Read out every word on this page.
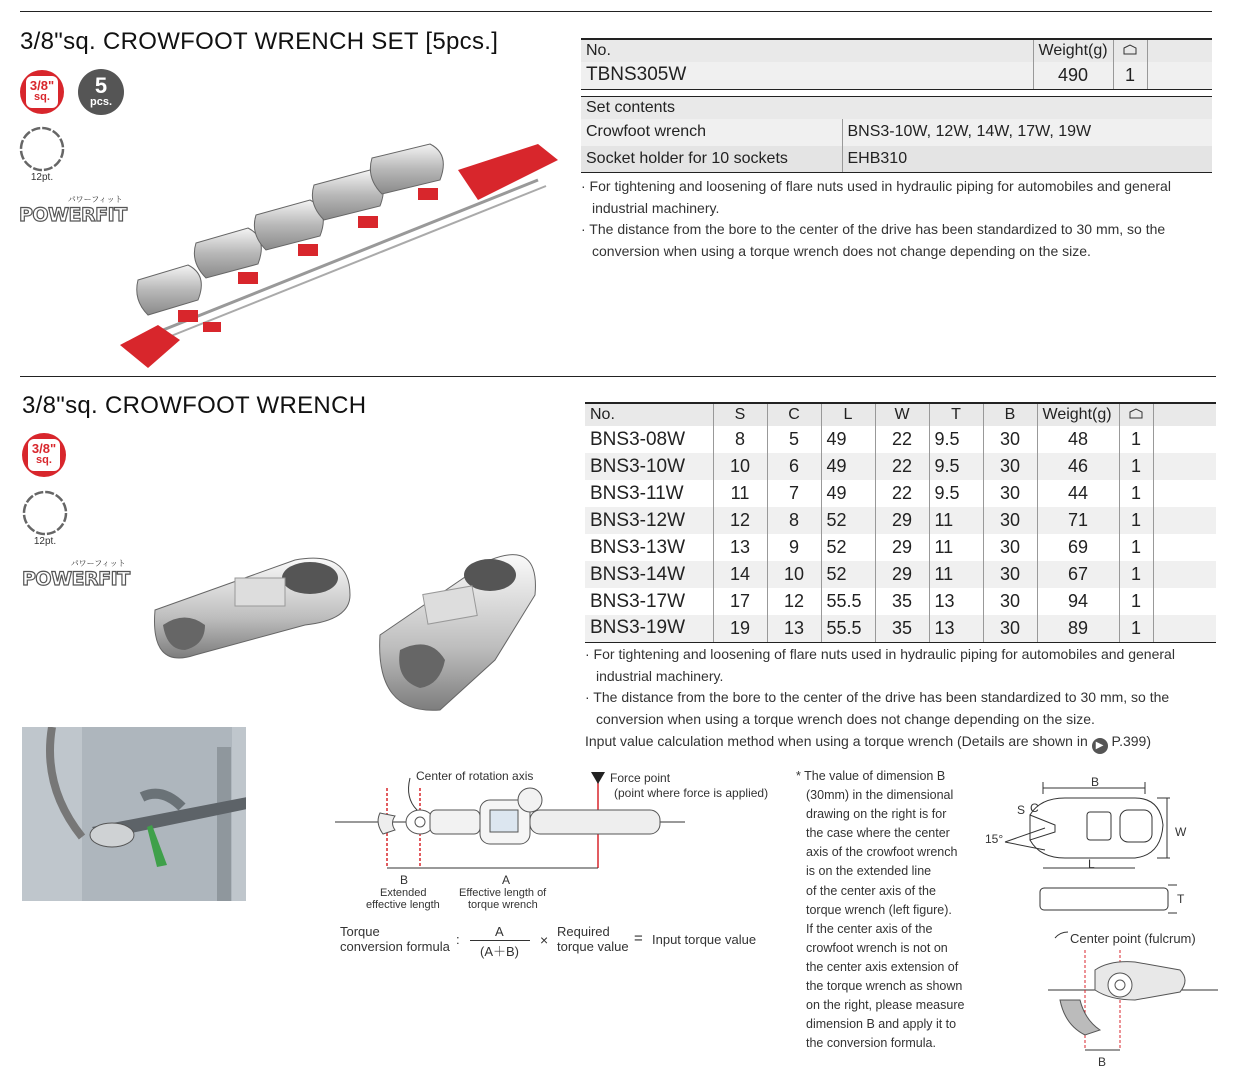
3/8"sq. CROWFOOT WRENCH SET [5pcs.]
3/8"
sq.	5
pcs.
12pt.
パワーフィット
POWERFIT
No.	Weight(g)		
TBNS305W	490	1	
Set contents	
Crowfoot wrench	BNS3-10W, 12W, 14W, 17W, 19W
Socket holder for 10 sockets	EHB310

· For tightening and loosening of flare nuts used in hydraulic piping for automobiles and general industrial machinery.

· The distance from the bore to the center of the drive has been standardized to 30 mm, so the conversion when using a torque wrench does not change depending on the size.

3/8"sq. CROWFOOT WRENCH
3/8"
sq.
12pt.
パワーフィット
POWERFIT
No.	S	C	L	W	T	B	Weight(g)		
BNS3-08W	8	5	49	22	9.5	30	48	1	
BNS3-10W	10	6	49	22	9.5	30	46	1	
BNS3-11W	11	7	49	22	9.5	30	44	1	
BNS3-12W	12	8	52	29	11	30	71	1	
BNS3-13W	13	9	52	29	11	30	69	1	
BNS3-14W	14	10	52	29	11	30	67	1	
BNS3-17W	17	12	55.5	35	13	30	94	1	
BNS3-19W	19	13	55.5	35	13	30	89	1	

· For tightening and loosening of flare nuts used in hydraulic piping for automobiles and general industrial machinery.

· The distance from the bore to the center of the drive has been standardized to 30 mm, so the conversion when using a torque wrench does not change depending on the size.

Input value calculation method when using a torque wrench (Details are shown in ▶ P.399)
Center of rotation axis	Force point
(point where force is applied)
B
Extended
effective length
A
Effective length of
torque wrench
Torque
conversion formula :
A
(A＋B)
×
Required
torque value = Input torque value
* The value of dimension B
(30mm) in the dimensional
drawing on the right is for
the case where the center
axis of the crowfoot wrench
is on the extended line
of the center axis of the
torque wrench (left figure).
If the center axis of the
crowfoot wrench is not on
the center axis extension of
the torque wrench as shown
on the right, please measure
dimension B and apply it to
the conversion formula.
B
S C
15°	W
L
T
Center point (fulcrum)
B
